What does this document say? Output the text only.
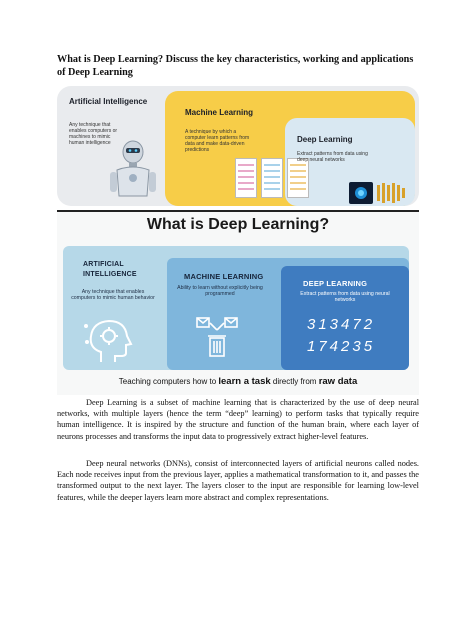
What is Deep Learning? Discuss the key characteristics, working and applications of Deep Learning
Artificial Intelligence
Any technique that enables computers or machines to mimic human intelligence
Machine Learning
A technique by which a computer learn patterns from data and make data-driven predictions
Deep Learning
Extract patterns from data using deep neural networks
What is Deep Learning?
ARTIFICIAL
INTELLIGENCE
Any technique that enables computers to mimic human behavior
MACHINE LEARNING
Ability to learn without explicitly being programmed
DEEP LEARNING
Extract patterns from data using neural networks
313472
174235
Teaching computers how to learn a task directly from raw data
Deep Learning is a subset of machine learning that is characterized by the use of deep neural networks, with multiple layers (hence the term “deep” learning) to perform tasks that typically require human intelligence. It is inspired by the structure and function of the human brain, where each layer of neurons processes and transforms the input data to progressively extract higher-level features.
Deep neural networks (DNNs), consist of interconnected layers of artificial neurons called nodes. Each node receives input from the previous layer, applies a mathematical transformation to it, and passes the transformed output to the next layer. The layers closer to the input are responsible for learning low-level features, while the deeper layers learn more abstract and complex representations.
